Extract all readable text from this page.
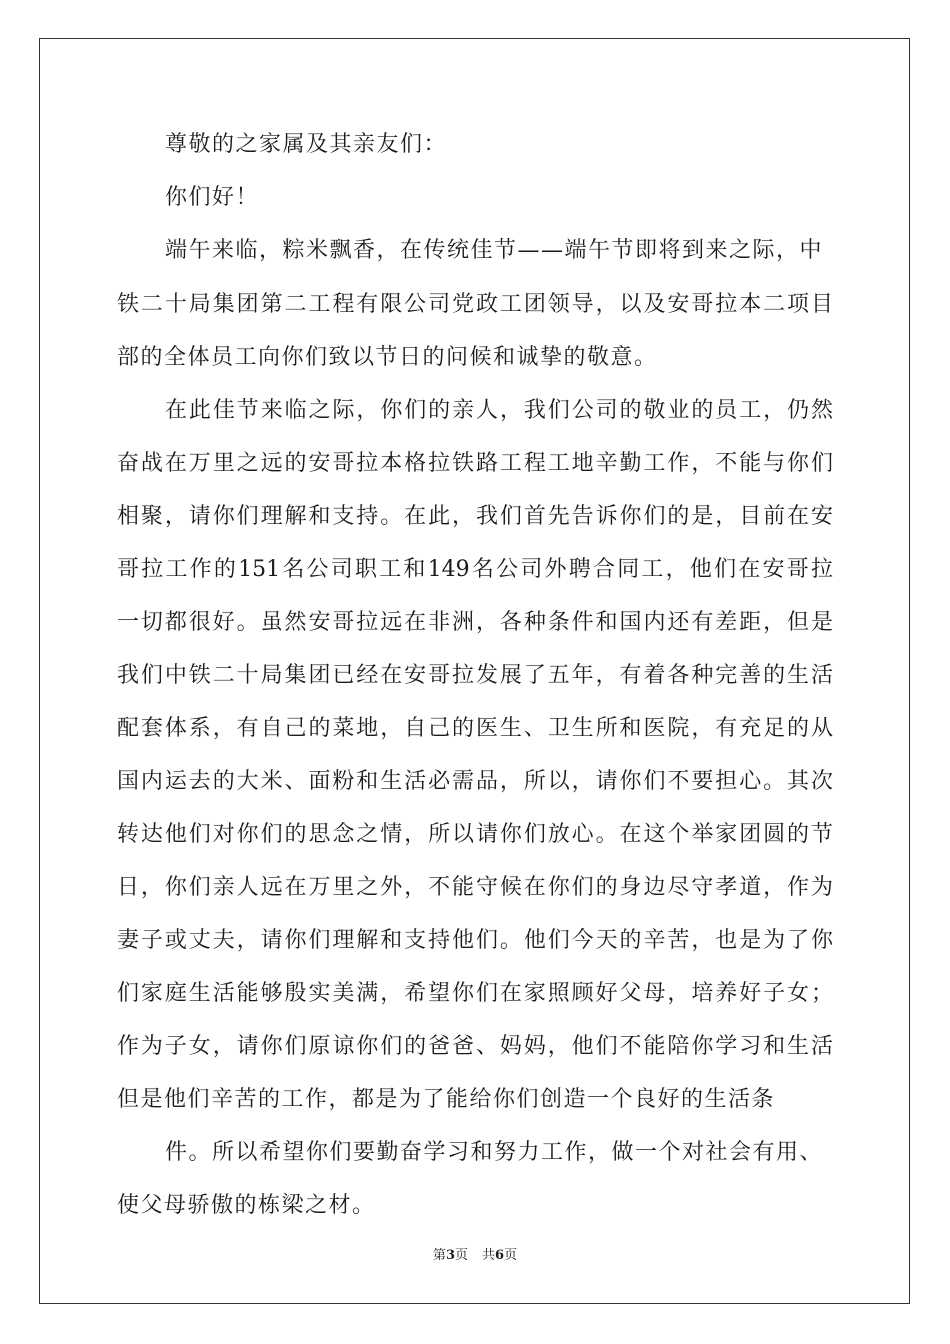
尊敬的之家属及其亲友们：
你们好！
端午来临，粽米飘香，在传统佳节——端午节即将到来之际，中
铁二十局集团第二工程有限公司党政工团领导，以及安哥拉本二项目
部的全体员工向你们致以节日的问候和诚挚的敬意。
在此佳节来临之际，你们的亲人，我们公司的敬业的员工，仍然
奋战在万里之远的安哥拉本格拉铁路工程工地辛勤工作，不能与你们
相聚，请你们理解和支持。在此，我们首先告诉你们的是，目前在安
哥拉工作的151名公司职工和149名公司外聘合同工，他们在安哥拉
一切都很好。虽然安哥拉远在非洲，各种条件和国内还有差距，但是
我们中铁二十局集团已经在安哥拉发展了五年，有着各种完善的生活
配套体系，有自己的菜地，自己的医生、卫生所和医院，有充足的从
国内运去的大米、面粉和生活必需品，所以，请你们不要担心。其次
转达他们对你们的思念之情，所以请你们放心。在这个举家团圆的节
日，你们亲人远在万里之外，不能守候在你们的身边尽守孝道，作为
妻子或丈夫，请你们理解和支持他们。他们今天的辛苦，也是为了你
们家庭生活能够殷实美满，希望你们在家照顾好父母，培养好子女；
作为子女，请你们原谅你们的爸爸、妈妈，他们不能陪你学习和生活
但是他们辛苦的工作，都是为了能给你们创造一个良好的生活条
件。所以希望你们要勤奋学习和努力工作，做一个对社会有用、
使父母骄傲的栋梁之材。
第3页 共6页
